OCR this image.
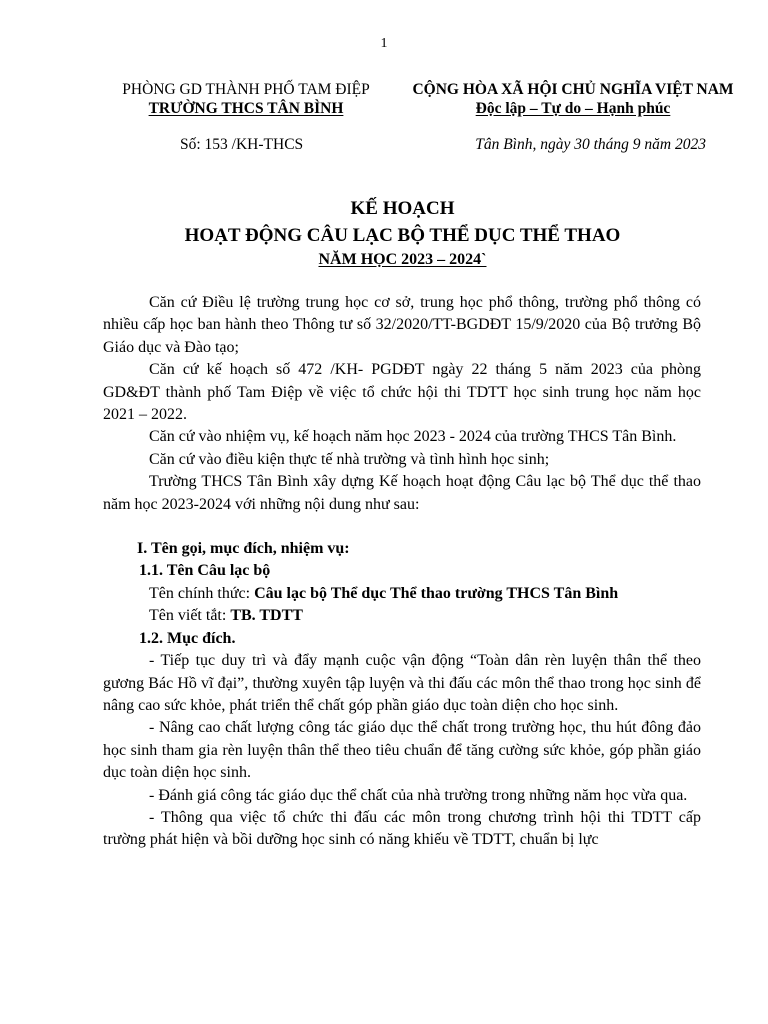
1
PHÒNG GD THÀNH PHỐ TAM ĐIỆP
TRƯỜNG THCS TÂN BÌNH
CỘNG HÒA XÃ HỘI CHỦ NGHĨA VIỆT NAM
Độc lập – Tự do – Hạnh phúc
Số: 153 /KH-THCS	Tân Bình, ngày 30 tháng 9 năm 2023
KẾ HOẠCH
HOẠT ĐỘNG CÂU LẠC BỘ THỂ DỤC THỂ THAO
NĂM HỌC 2023 – 2024`

Căn cứ Điều lệ trường trung học cơ sở, trung học phổ thông, trường phổ thông có nhiều cấp học ban hành theo Thông tư số 32/2020/TT-BGDĐT 15/9/2020 của Bộ trưởng Bộ Giáo dục và Đào tạo;

Căn cứ kế hoạch số 472 /KH- PGDĐT ngày 22 tháng 5 năm 2023 của phòng GD&ĐT thành phố Tam Điệp về việc tổ chức hội thi TDTT học sinh trung học năm học 2021 – 2022.

Căn cứ vào nhiệm vụ, kế hoạch năm học 2023 - 2024 của trường THCS Tân Bình.

Căn cứ vào điều kiện thực tế nhà trường và tình hình học sinh;

Trường THCS Tân Bình xây dựng Kế hoạch hoạt động Câu lạc bộ Thể dục thể thao năm học 2023-2024 với những nội dung như sau:

I. Tên gọi, mục đích, nhiệm vụ:

1.1. Tên Câu lạc bộ

Tên chính thức: Câu lạc bộ Thể dục Thể thao trường THCS Tân Bình

Tên viết tắt: TB. TDTT

1.2. Mục đích.

- Tiếp tục duy trì và đẩy mạnh cuộc vận động “Toàn dân rèn luyện thân thể theo gương Bác Hồ vĩ đại”, thường xuyên tập luyện và thi đấu các môn thể thao trong học sinh để nâng cao sức khỏe, phát triển thể chất góp phần giáo dục toàn diện cho học sinh.

- Nâng cao chất lượng công tác giáo dục thể chất trong trường học, thu hút đông đảo học sinh tham gia rèn luyện thân thể theo tiêu chuẩn để tăng cường sức khỏe, góp phần giáo dục toàn diện học sinh.

- Đánh giá công tác giáo dục thể chất của nhà trường trong những năm học vừa qua.

- Thông qua việc tổ chức thi đấu các môn trong chương trình hội thi TDTT cấp trường phát hiện và bồi dưỡng học sinh có năng khiếu về TDTT, chuẩn bị lực
